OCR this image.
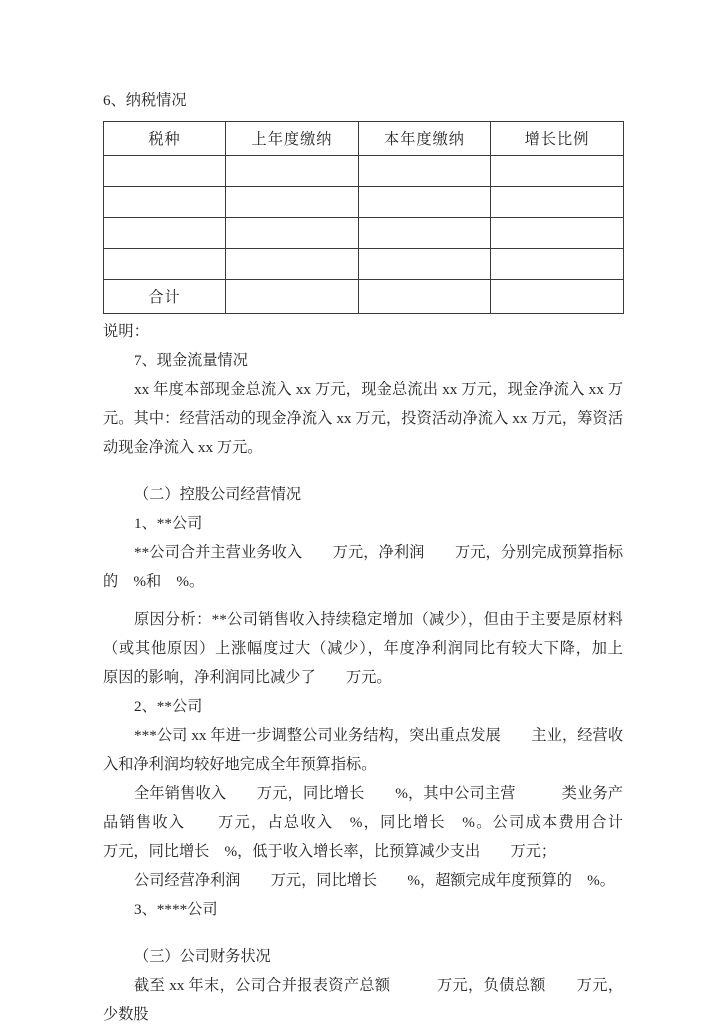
6、纳税情况
税种	上年度缴纳	本年度缴纳	增长比例

合计			
说明：
7、现金流量情况
xx 年度本部现金总流入 xx 万元，现金总流出 xx 万元，现金净流入 xx 万元。其中：经营活动的现金净流入 xx 万元，投资活动净流入 xx 万元，筹资活动现金净流入 xx 万元。
（二）控股公司经营情况
1、**公司
**公司合并主营业务收入　　万元，净利润　　万元，分别完成预算指标的　%和　%。
原因分析：**公司销售收入持续稳定增加（减少），但由于主要是原材料（或其他原因）上涨幅度过大（减少），年度净利润同比有较大下降，加上　　　原因的影响，净利润同比减少了　　万元。
2、**公司
***公司 xx 年进一步调整公司业务结构，突出重点发展　　主业，经营收入和净利润均较好地完成全年预算指标。
全年销售收入　　万元，同比增长　　%，其中公司主营　　　类业务产品销售收入　　万元，占总收入　%，同比增长　%。公司成本费用合计　　万元，同比增长　%，低于收入增长率，比预算减少支出　　万元；
公司经营净利润　　万元，同比增长　　%，超额完成年度预算的　%。
3、****公司
（三）公司财务状况
截至 xx 年末，公司合并报表资产总额　　　万元，负债总额　　万元，少数股
